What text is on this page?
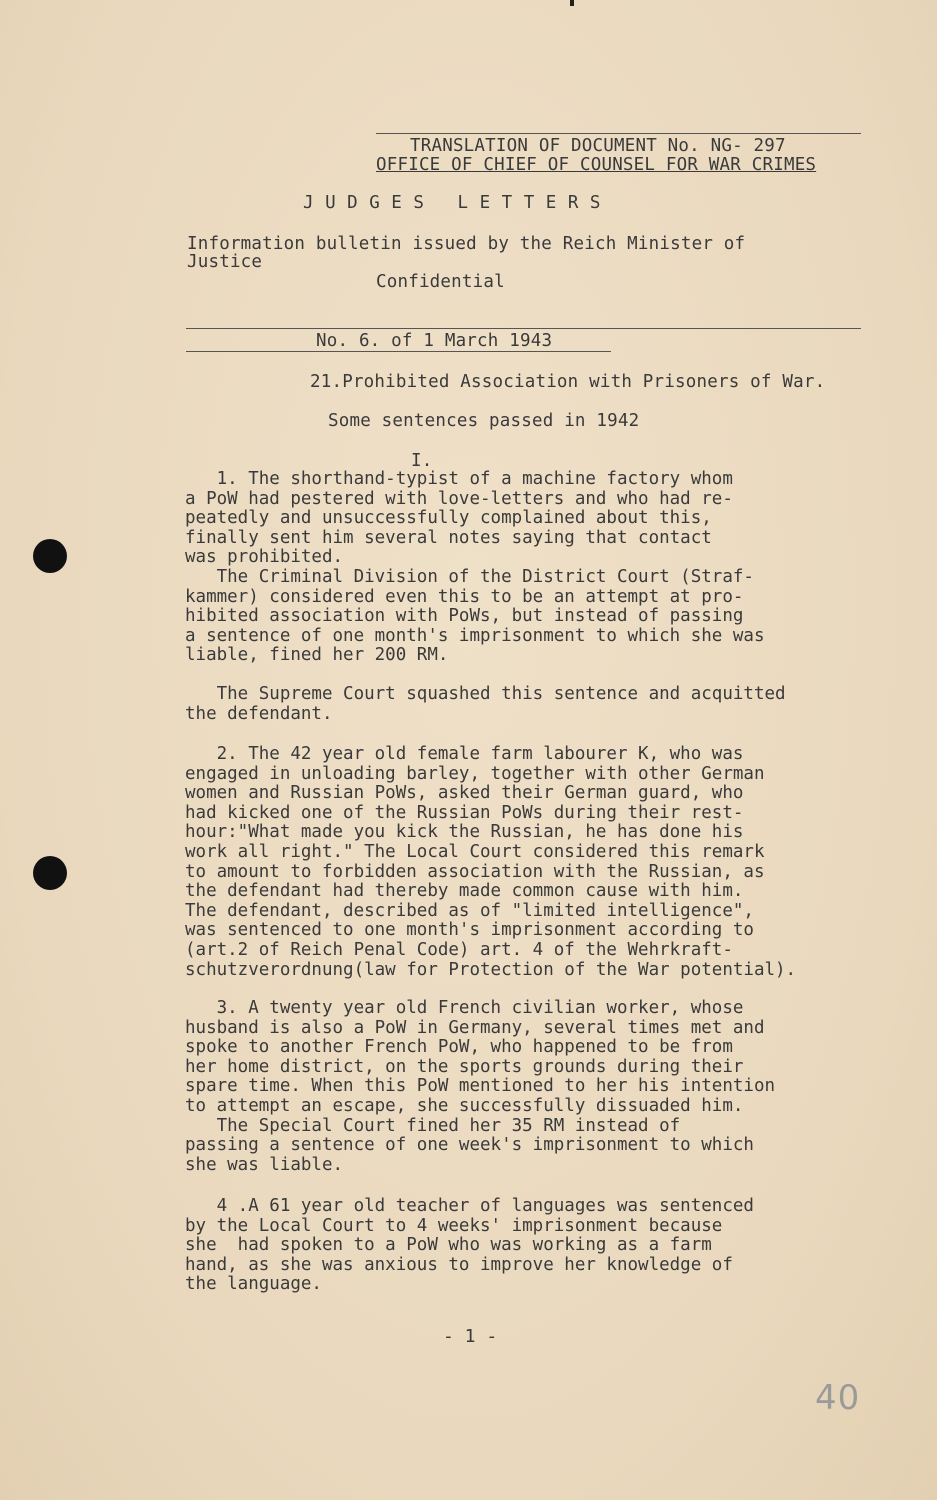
TRANSLATION OF DOCUMENT No. NG- 297
OFFICE OF CHIEF OF COUNSEL FOR WAR CRIMES
J U D G E S   L E T T E R S
Information bulletin issued by the Reich Minister of
Justice
Confidential
No. 6. of 1 March 1943
21.Prohibited Association with Prisoners of War.
Some sentences passed in 1942
I.
1. The shorthand-typist of a machine factory whom
a PoW had pestered with love-letters and who had re-
peatedly and unsuccessfully complained about this,
finally sent him several notes saying that contact
was prohibited.
The Criminal Division of the District Court (Straf-
kammer) considered even this to be an attempt at pro-
hibited association with PoWs, but instead of passing
a sentence of one month's imprisonment to which she was
liable, fined her 200 RM.
The Supreme Court squashed this sentence and acquitted
the defendant.
2. The 42 year old female farm labourer K, who was
engaged in unloading barley, together with other German
women and Russian PoWs, asked their German guard, who
had kicked one of the Russian PoWs during their rest-
hour:"What made you kick the Russian, he has done his
work all right." The Local Court considered this remark
to amount to forbidden association with the Russian, as
the defendant had thereby made common cause with him.
The defendant, described as of "limited intelligence",
was sentenced to one month's imprisonment according to
(art.2 of Reich Penal Code) art. 4 of the Wehrkraft-
schutzverordnung(law for Protection of the War potential).
3. A twenty year old French civilian worker, whose
husband is also a PoW in Germany, several times met and
spoke to another French PoW, who happened to be from
her home district, on the sports grounds during their
spare time. When this PoW mentioned to her his intention
to attempt an escape, she successfully dissuaded him.
The Special Court fined her 35 RM instead of
passing a sentence of one week's imprisonment to which
she was liable.
4 .A 61 year old teacher of languages was sentenced
by the Local Court to 4 weeks' imprisonment because
she  had spoken to a PoW who was working as a farm
hand, as she was anxious to improve her knowledge of
the language.
- 1 -
40
